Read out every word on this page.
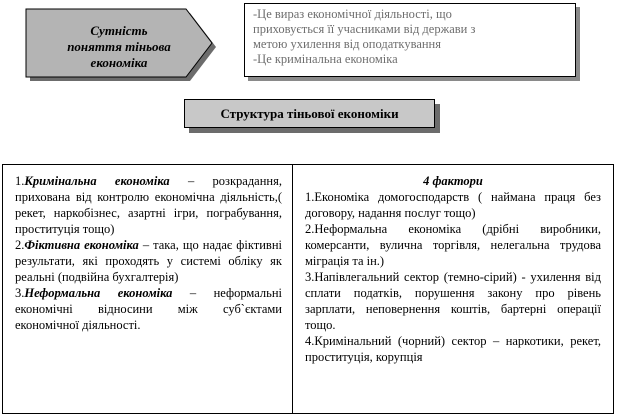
Сутність
поняття тіньова
економіка

-Це вираз економічної діяльності, що

приховується її учасниками від держави з

метою ухилення від оподаткування

-Це кримінальна економіка

Структура тіньової економіки

1.Кримінальна економіка – розкрадання, прихована від контролю економічна діяльність,( рекет, наркобізнес, азартні ігри, пограбування, проституція тощо)

2.Фіктивна економіка – така, що надає фіктивні результати, які проходять у системі обліку як реальні (подвійна бухгалтерія)

3.Неформальна економіка – неформальні економічні відносини між суб`єктами економічної діяльності.

4 фактори

1.Економіка домогосподарств ( наймана праця без договору, надання послуг тощо)

2.Неформальна економіка (дрібні виробники, комерсанти, вулична торгівля, нелегальна трудова міграція та ін.)

3.Напівлегальний сектор (темно-сірий) - ухилення від сплати податків, порушення закону про рівень зарплати, неповернення коштів, бартерні операції тощо.

4.Кримінальний (чорний) сектор – наркотики, рекет, проституція, корупція
